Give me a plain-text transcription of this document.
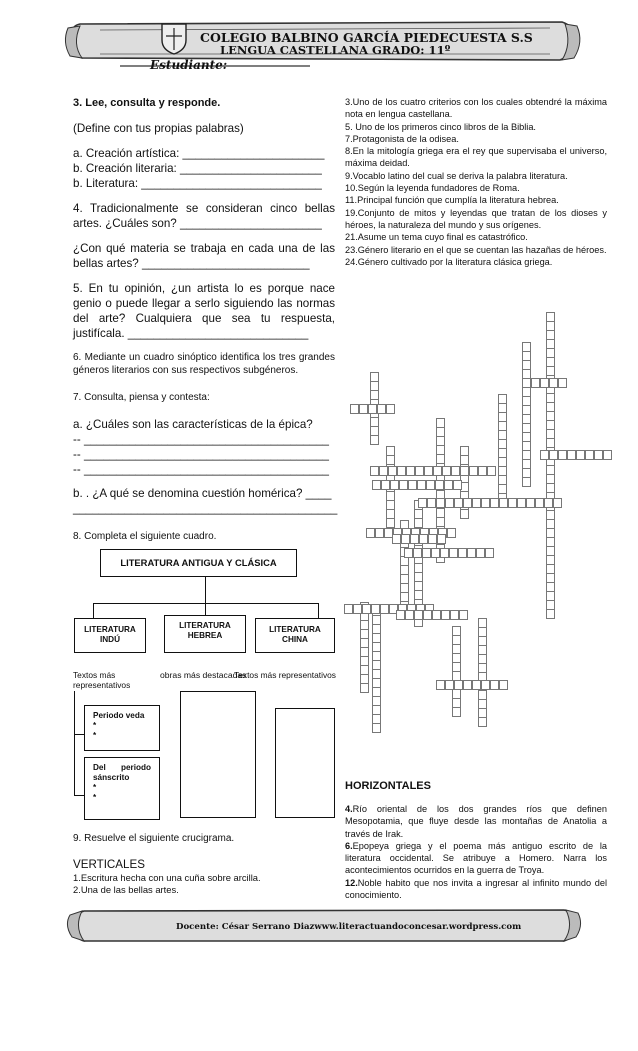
COLEGIO BALBINO GARCÍA PIEDECUESTA S.S
LENGUA CASTELLANA GRADO: 11º
Estudiante:

3. Lee, consulta y responde.

(Define con tus propias palabras)

a. Creación artística: ______________________

b. Creación literaria: ______________________

b. Literatura: ____________________________

4. Tradicionalmente se consideran cinco bellas artes. ¿Cuáles son? ______________________

¿Con qué materia se trabaja en cada una de las bellas artes? __________________________

5. En tu opinión, ¿un artista lo es porque nace genio o puede llegar a serlo siguiendo las normas del arte? Cualquiera que sea tu respuesta, justifícala. ____________________________

6. Mediante un cuadro sinóptico identifica los tres grandes géneros literarios con sus respectivos subgéneros.

7. Consulta, piensa y contesta:

a. ¿Cuáles son las características de la épica?

-- ______________________________________

-- ______________________________________

-- ______________________________________

b. . ¿A qué se denomina cuestión homérica? ____

_________________________________________

8. Completa el siguiente cuadro.

LITERATURA ANTIGUA Y CLÁSICA
LITERATURA INDÚ
LITERATURA HEBREA
LITERATURA CHINA
Textos más representativos
obras más destacadas
Textos más representativos
Periodo veda
*
*
Del periodo sánscrito
*
*

9. Resuelve el siguiente crucigrama.

VERTICALES

1.Escritura hecha con una cuña sobre arcilla.

2.Una de las bellas artes.

3.Uno de los cuatro criterios con los cuales obtendré la máxima nota en lengua castellana.

5. Uno de los primeros cinco libros de la Biblia.

7.Protagonista de la odisea.

8.En la mitología griega era el rey que supervisaba el universo, máxima deidad.

9.Vocablo latino del cual se deriva la palabra literatura.

10.Según la leyenda fundadores de Roma.

11.Principal función que cumplía la literatura hebrea.

19.Conjunto de mitos y leyendas que tratan de los dioses y héroes, la naturaleza del mundo y sus orígenes.

21.Asume un tema cuyo final es catastrófico.

23.Género literario en el que se cuentan las hazañas de héroes.

24.Género cultivado por la literatura clásica griega.

HORIZONTALES

4.Río oriental de los dos grandes ríos que definen Mesopotamia, que fluye desde las montañas de Anatolia a través de Irak.

6.Epopeya griega y el poema más antiguo escrito de la literatura occidental. Se atribuye a Homero. Narra los acontecimientos ocurridos en la guerra de Troya.

12.Noble habito que nos invita a ingresar al infinito mundo del conocimiento.

Docente: César Serrano Diazwww.literactuandoconcesar.wordpress.com
